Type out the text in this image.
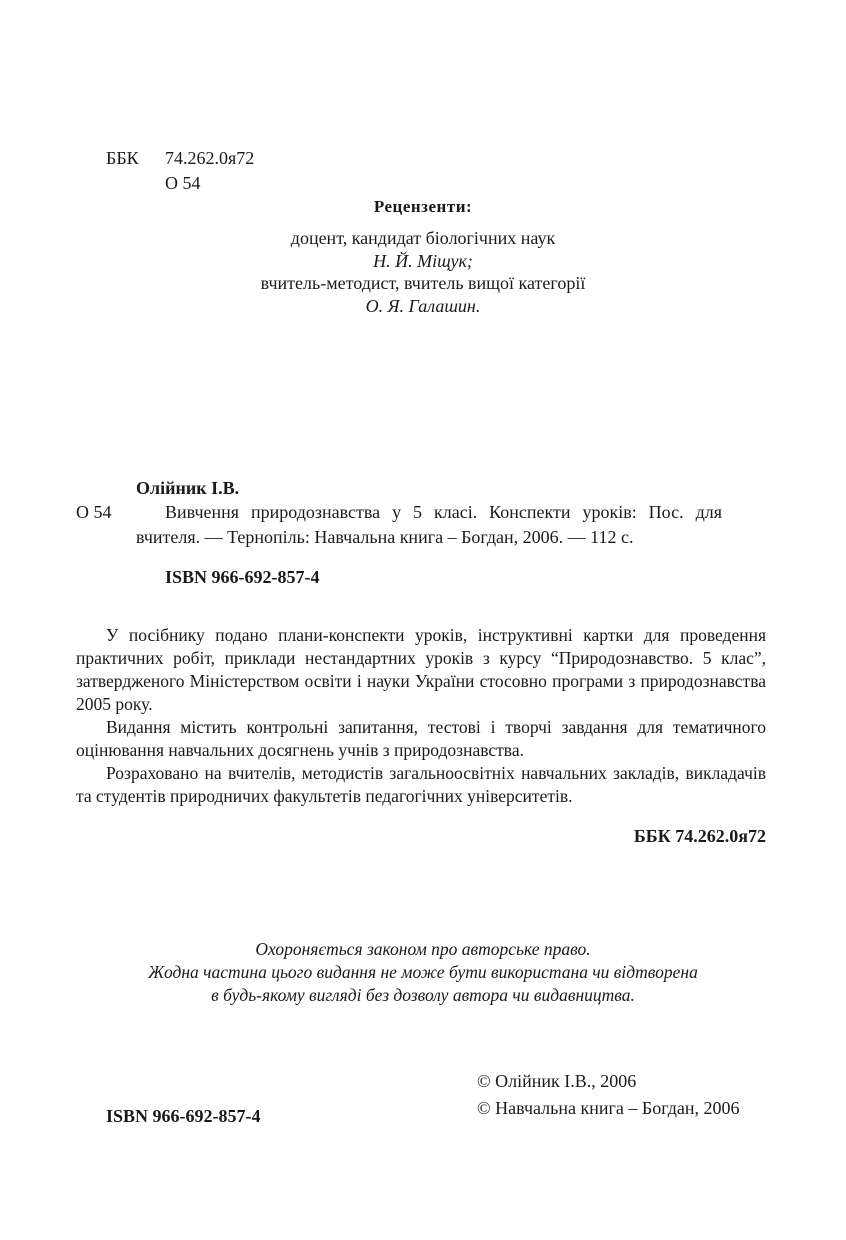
ББК 74.262.0я72
О 54
Рецензенти:
доцент, кандидат біологічних наук
Н. Й. Міщук;
вчитель-методист, вчитель вищої категорії
О. Я. Галашин.
Олійник І.В.
О 54	Вивчення природознавства у 5 класі. Конспекти уроків: Пос. для
вчителя. — Тернопіль: Навчальна книга – Богдан, 2006. — 112 с.
ISBN 966-692-857-4

У посібнику подано плани-конспекти уроків, інструктивні картки для проведення практичних робіт, приклади нестандартних уроків з курсу “Природознавство. 5 клас”, затвердженого Міністерством освіти і науки України стосовно програми з природознавства 2005 року.

Видання містить контрольні запитання, тестові і творчі завдання для тематичного оцінювання навчальних досягнень учнів з природознавства.

Розраховано на вчителів, методистів загальноосвітніх навчальних закладів, викладачів та студентів природничих факультетів педагогічних університетів.

ББК 74.262.0я72
Охороняється законом про авторське право.
Жодна частина цього видання не може бути використана чи відтворена
в будь-якому вигляді без дозволу автора чи видавництва.
© Олійник І.В., 2006
© Навчальна книга – Богдан, 2006
ISBN 966-692-857-4
